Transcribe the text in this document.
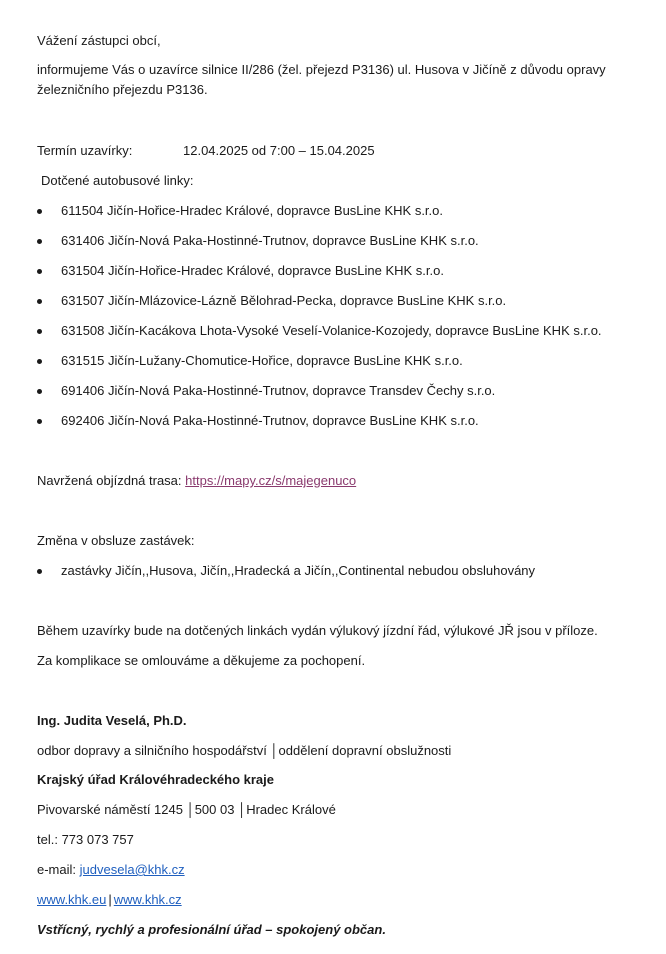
Vážení zástupci obcí,
informujeme Vás o uzavírce silnice II/286 (žel. přejezd P3136) ul. Husova v Jičíně z důvodu opravy železničního přejezdu P3136.
Termín uzavírky:	12.04.2025 od 7:00 – 15.04.2025
Dotčené autobusové linky:
611504 Jičín-Hořice-Hradec Králové, dopravce BusLine KHK s.r.o.
631406 Jičín-Nová Paka-Hostinné-Trutnov, dopravce BusLine KHK s.r.o.
631504 Jičín-Hořice-Hradec Králové, dopravce BusLine KHK s.r.o.
631507 Jičín-Mlázovice-Lázně Bělohrad-Pecka, dopravce BusLine KHK s.r.o.
631508 Jičín-Kacákova Lhota-Vysoké Veselí-Volanice-Kozojedy, dopravce BusLine KHK s.r.o.
631515 Jičín-Lužany-Chomutice-Hořice, dopravce BusLine KHK s.r.o.
691406 Jičín-Nová Paka-Hostinné-Trutnov, dopravce Transdev Čechy s.r.o.
692406 Jičín-Nová Paka-Hostinné-Trutnov, dopravce BusLine KHK s.r.o.
Navržená objízdná trasa: https://mapy.cz/s/majegenuco
Změna v obsluze zastávek:
zastávky Jičín,,Husova, Jičín,,Hradecká a Jičín,,Continental nebudou obsluhovány
Během uzavírky bude na dotčených linkách vydán výlukový jízdní řád, výlukové JŘ jsou v příloze.
Za komplikace se omlouváme a děkujeme za pochopení.
Ing. Judita Veselá, Ph.D.
odbor dopravy a silničního hospodářství │oddělení dopravní obslužnosti
Krajský úřad Královéhradeckého kraje
Pivovarské náměstí 1245 │500 03 │Hradec Králové
tel.: 773 073 757
e-mail: judvesela@khk.cz
www.khk.eu | www.khk.cz
Vstřícný, rychlý a profesionální úřad – spokojený občan.
